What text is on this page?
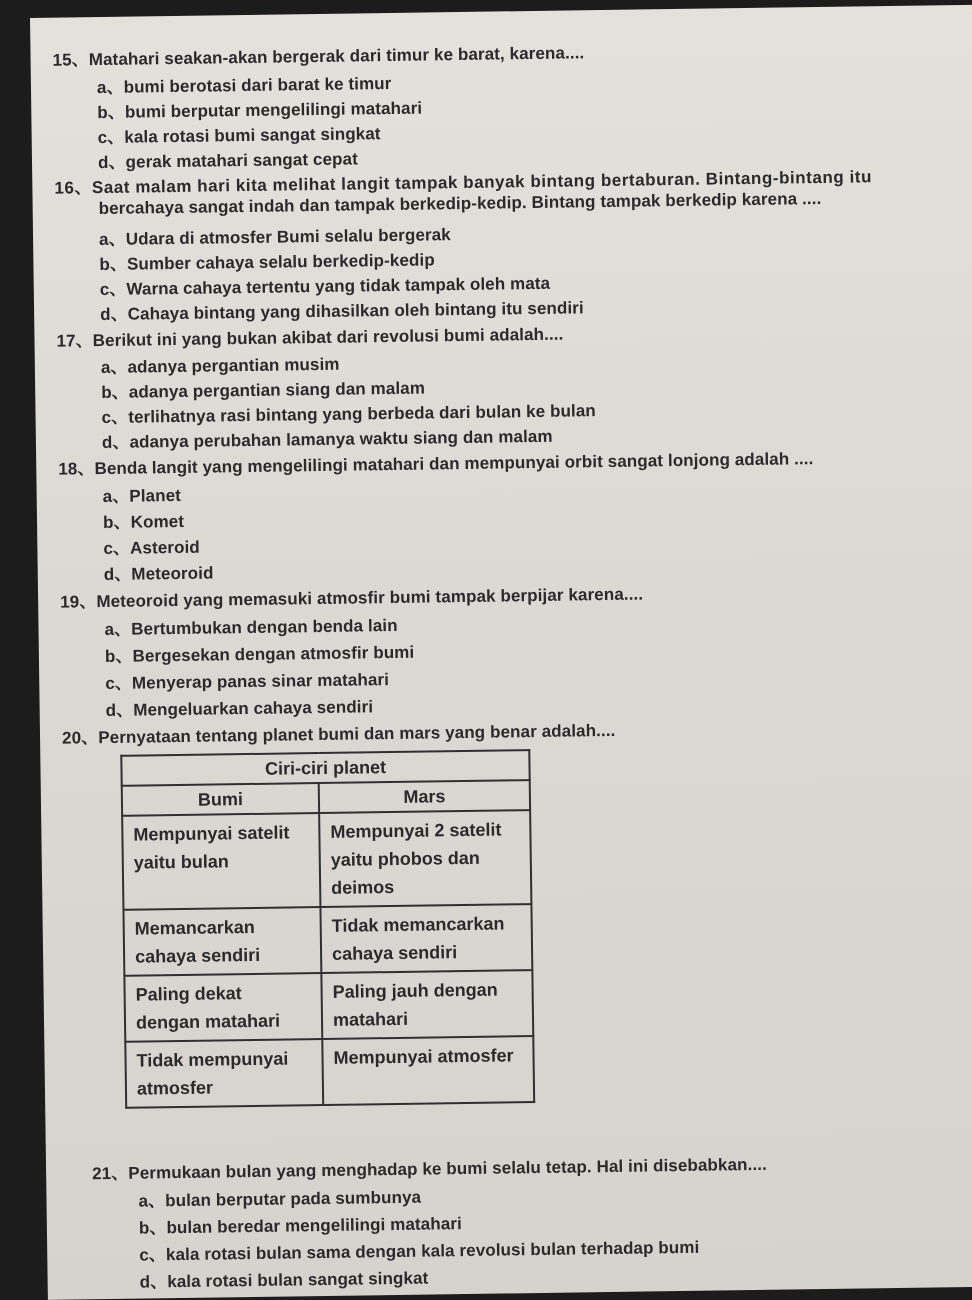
15、Matahari seakan-akan bergerak dari timur ke barat, karena....
a、bumi berotasi dari barat ke timur
b、bumi berputar mengelilingi matahari
c、kala rotasi bumi sangat singkat
d、gerak matahari sangat cepat
16、Saat malam hari kita melihat langit tampak banyak bintang bertaburan. Bintang-bintang itu
bercahaya sangat indah dan tampak berkedip-kedip. Bintang tampak berkedip karena ....
a、Udara di atmosfer Bumi selalu bergerak
b、Sumber cahaya selalu berkedip-kedip
c、Warna cahaya tertentu yang tidak tampak oleh mata
d、Cahaya bintang yang dihasilkan oleh bintang itu sendiri
17、Berikut ini yang bukan akibat dari revolusi bumi adalah....
a、adanya pergantian musim
b、adanya pergantian siang dan malam
c、terlihatnya rasi bintang yang berbeda dari bulan ke bulan
d、adanya perubahan lamanya waktu siang dan malam
18、Benda langit yang mengelilingi matahari dan mempunyai orbit sangat lonjong adalah ....
a、Planet
b、Komet
c、Asteroid
d、Meteoroid
19、Meteoroid yang memasuki atmosfir bumi tampak berpijar karena....
a、Bertumbukan dengan benda lain
b、Bergesekan dengan atmosfir bumi
c、Menyerap panas sinar matahari
d、Mengeluarkan cahaya sendiri
20、Pernyataan tentang planet bumi dan mars yang benar adalah....
Ciri-ciri planet	
Bumi	Mars
Mempunyai satelit yaitu bulan	Mempunyai 2 satelit yaitu phobos dan deimos
Memancarkan cahaya sendiri	Tidak memancarkan cahaya sendiri
Paling dekat dengan matahari	Paling jauh dengan matahari
Tidak mempunyai atmosfer	Mempunyai atmosfer
21、Permukaan bulan yang menghadap ke bumi selalu tetap. Hal ini disebabkan....
a、bulan berputar pada sumbunya
b、bulan beredar mengelilingi matahari
c、kala rotasi bulan sama dengan kala revolusi bulan terhadap bumi
d、kala rotasi bulan sangat singkat
